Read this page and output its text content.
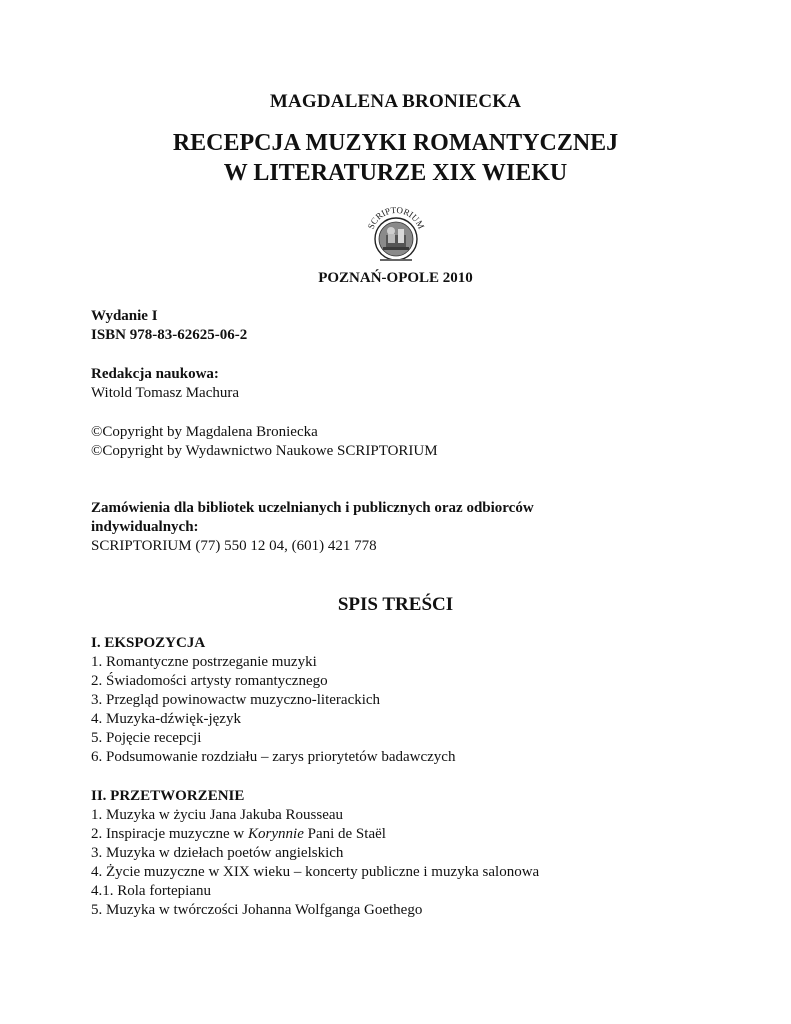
MAGDALENA BRONIECKA
RECEPCJA MUZYKI ROMANTYCZNEJ
W LITERATURZE XIX WIEKU
SCRIPTORIUM
POZNAŃ-OPOLE 2010
Wydanie I
ISBN 978-83-62625-06-2
Redakcja naukowa:
Witold Tomasz Machura
©Copyright by Magdalena Broniecka
©Copyright by Wydawnictwo Naukowe SCRIPTORIUM
Zamówienia dla bibliotek uczelnianych i publicznych oraz odbiorców
indywidualnych:
SCRIPTORIUM (77) 550 12 04, (601) 421 778
SPIS TREŚCI
I. EKSPOZYCJA
1. Romantyczne postrzeganie muzyki
2. Świadomości artysty romantycznego
3. Przegląd powinowactw muzyczno-literackich
4. Muzyka-dźwięk-język
5. Pojęcie recepcji
6. Podsumowanie rozdziału – zarys priorytetów badawczych
II. PRZETWORZENIE
1. Muzyka w życiu Jana Jakuba Rousseau
2. Inspiracje muzyczne w Korynnie Pani de Staël
3. Muzyka w dziełach poetów angielskich
4. Życie muzyczne w XIX wieku – koncerty publiczne i muzyka salonowa
4.1. Rola fortepianu
5. Muzyka w twórczości Johanna Wolfganga Goethego
